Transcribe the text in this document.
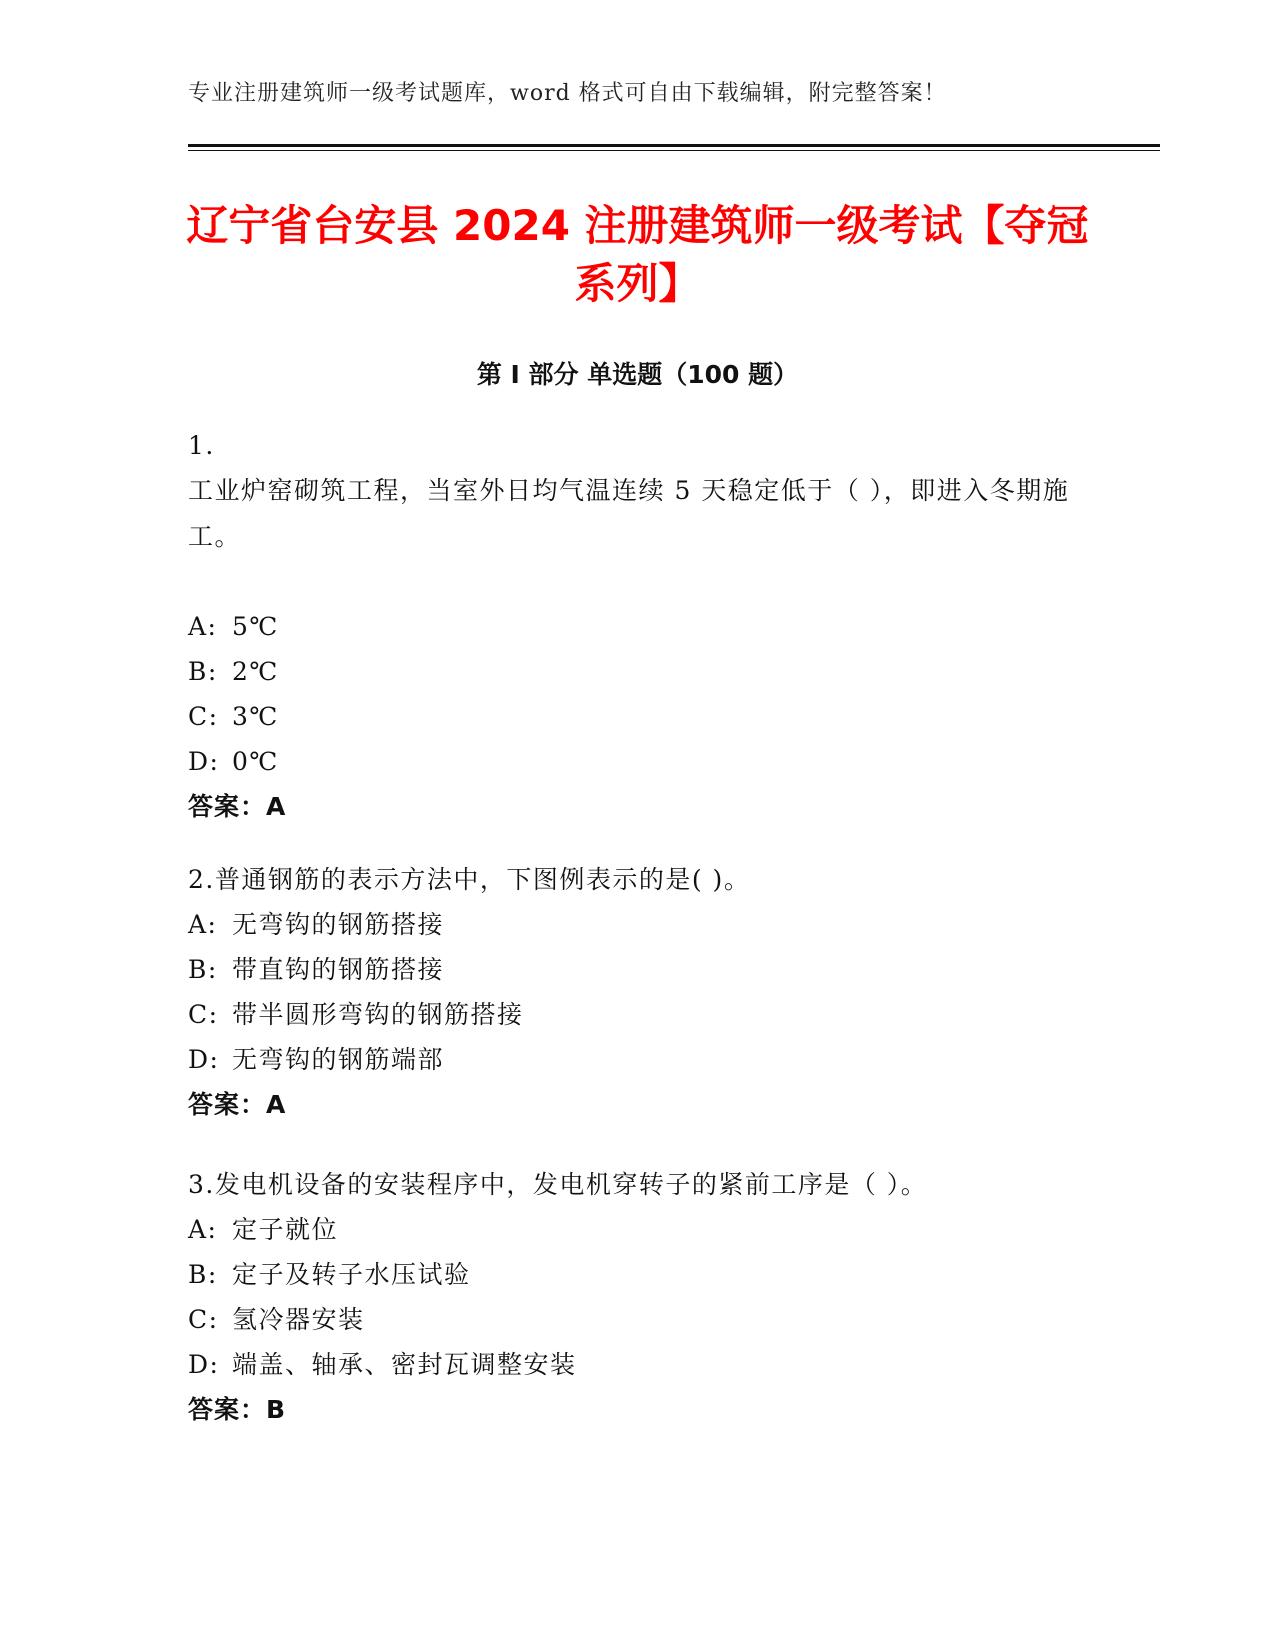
专业注册建筑师一级考试题库，word 格式可自由下载编辑，附完整答案！
辽宁省台安县 2024 注册建筑师一级考试【夺冠系列】
第 I 部分 单选题（100 题）
1.
工业炉窑砌筑工程，当室外日均气温连续 5 天稳定低于（ ），即进入冬期施工。
A: 5℃
B: 2℃
C: 3℃
D: 0℃
答案：A
2.普通钢筋的表示方法中，下图例表示的是( )。
A: 无弯钩的钢筋搭接
B: 带直钩的钢筋搭接
C: 带半圆形弯钩的钢筋搭接
D: 无弯钩的钢筋端部
答案：A
3.发电机设备的安装程序中，发电机穿转子的紧前工序是（ ）。
A: 定子就位
B: 定子及转子水压试验
C: 氢冷器安装
D: 端盖、轴承、密封瓦调整安装
答案：B
